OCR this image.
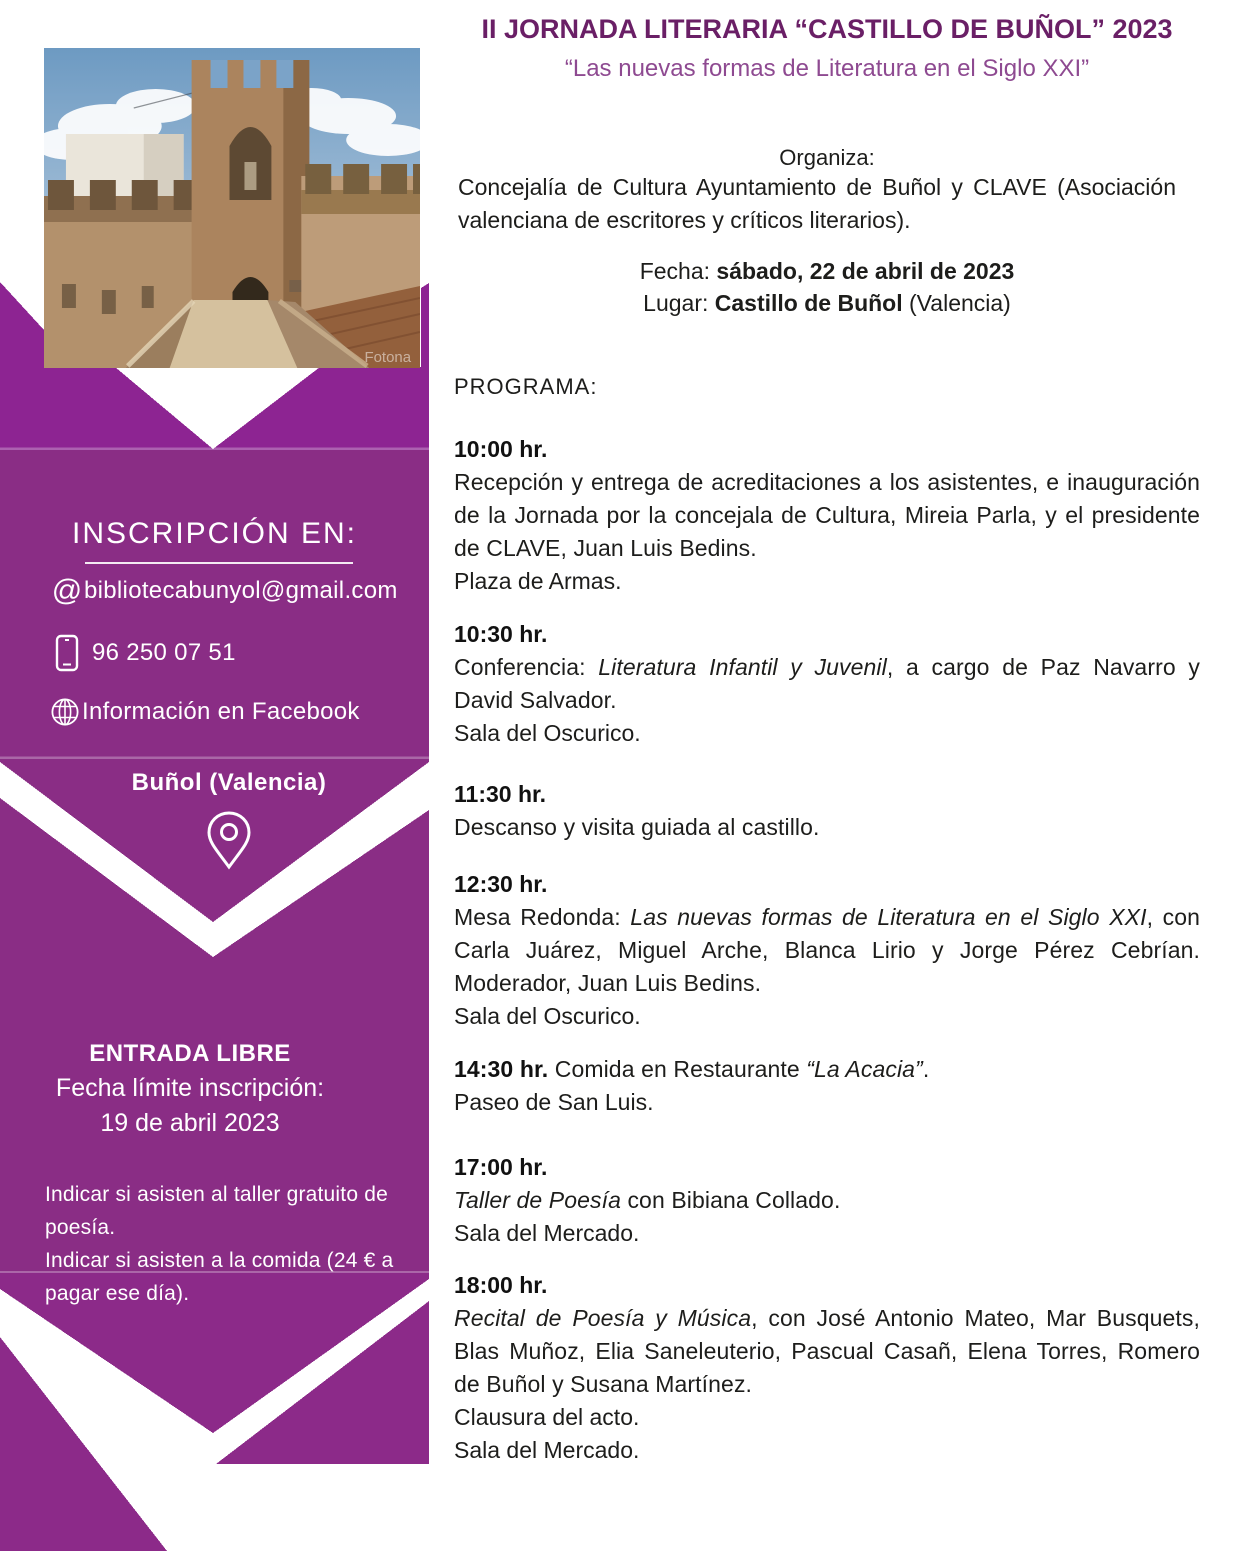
Fotona
INSCRIPCIÓN EN:
@ bibliotecabunyol@gmail.com
96 250 07 51
Información en Facebook
Buñol (Valencia)
ENTRADA LIBRE
Fecha límite inscripción:
19 de abril 2023
Indicar si asisten al taller gratuito de
poesía.
Indicar si asisten a la comida (24 € a
pagar ese día).
II JORNADA LITERARIA “CASTILLO DE BUÑOL” 2023
“Las nuevas formas de Literatura en el Siglo XXI”
Organiza:
Concejalía de Cultura Ayuntamiento de Buñol y CLAVE (Asociación valenciana de escritores y críticos literarios).
Fecha: sábado, 22 de abril de 2023
Lugar: Castillo de Buñol (Valencia)
PROGRAMA:
10:00 hr.
Recepción y entrega de acreditaciones a los asistentes, e inauguración de la Jornada por la concejala de Cultura, Mireia Parla, y el presidente de CLAVE, Juan Luis Bedins.
Plaza de Armas.
10:30 hr.
Conferencia: Literatura Infantil y Juvenil, a cargo de Paz Navarro y David Salvador.
Sala del Oscurico.
11:30 hr.
Descanso y visita guiada al castillo.
12:30 hr.
Mesa Redonda: Las nuevas formas de Literatura en el Siglo XXI, con Carla Juárez, Miguel Arche, Blanca Lirio y Jorge Pérez Cebrían. Moderador, Juan Luis Bedins.
Sala del Oscurico.
14:30 hr. Comida en Restaurante “La Acacia”.
Paseo de San Luis.
17:00 hr.
Taller de Poesía con Bibiana Collado.
Sala del Mercado.
18:00 hr.
Recital de Poesía y Música, con José Antonio Mateo, Mar Busquets, Blas Muñoz, Elia Saneleuterio, Pascual Casañ, Elena Torres, Romero de Buñol y Susana Martínez.
Clausura del acto.
Sala del Mercado.
